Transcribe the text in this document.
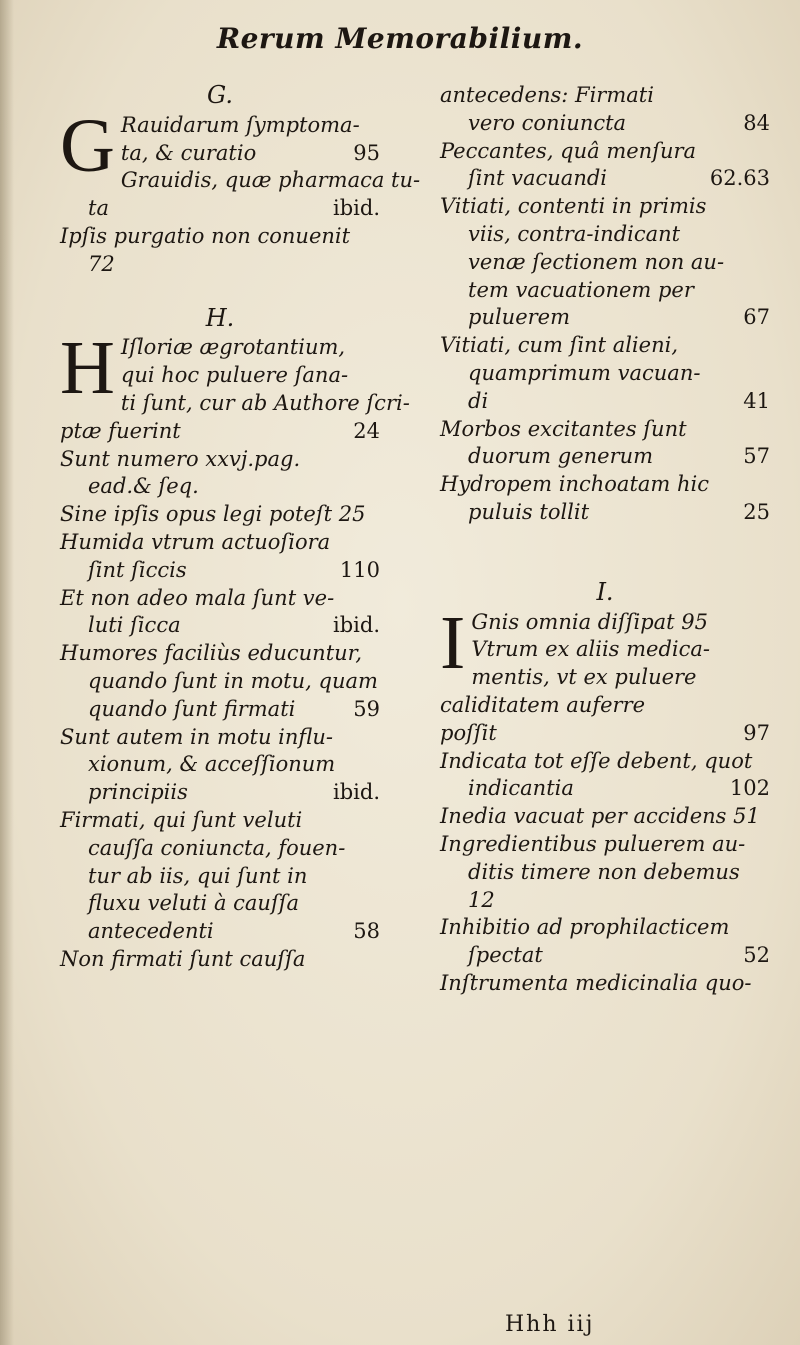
Rerum Memorabilium.
G.
G Rauidarum ſymptoma-

ta, & curatio	95

Grauidis, quæ pharmaca tu-

ta	ibid.

Ipſis purgatio non conuenit

72

H.
H Iſloriæ ægrotantium,

qui hoc puluere ſana-

ti ſunt, cur ab Authore ſcri-

ptæ fuerint	24

Sunt numero xxvj.pag.

ead.& ſeq.

Sine ipſis opus legi poteſt 25

Humida vtrum actuoſiora

ſint ſiccis	110

Et non adeo mala ſunt ve-

luti ſicca	ibid.

Humores faciliùs educuntur,

quando ſunt in motu, quam

quando ſunt firmati	59

Sunt autem in motu influ-

xionum, & acceſſionum

principiis	ibid.

Firmati, qui ſunt veluti

cauſſa coniuncta, fouen-

tur ab iis, qui ſunt in

fluxu veluti à cauſſa

antecedenti	58

Non firmati ſunt cauſſa

antecedens: Firmati

vero coniuncta	84

Peccantes, quâ menſura

ſint vacuandi	62.63

Vitiati, contenti in primis

viis, contra-indicant

venæ ſectionem non au-

tem vacuationem per

puluerem	67

Vitiati, cum ſint alieni,

quamprimum vacuan-

di	41

Morbos excitantes ſunt

duorum generum	57

Hydropem inchoatam hic

puluis tollit	25

I.
I Gnis omnia diſſipat 95

Vtrum ex aliis medica-

mentis, vt ex puluere

caliditatem auferre

poſſit	97

Indicata tot eſſe debent, quot

indicantia	102

Inedia vacuat per accidens 51

Ingredientibus puluerem au-

ditis timere non debemus

12

Inhibitio ad prophilacticem

ſpectat	52

Inſtrumenta medicinalia quo-

Hhh iij
